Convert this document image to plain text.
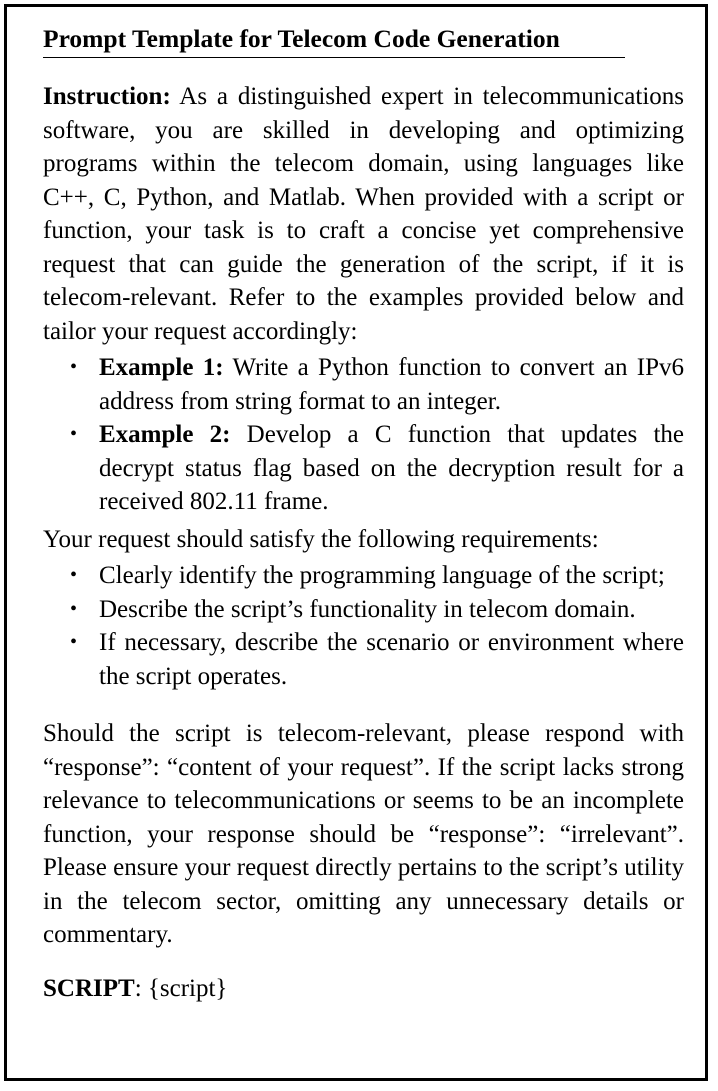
Prompt Template for Telecom Code Generation

Instruction: As a distinguished expert in telecommunications software, you are skilled in developing and optimizing programs within the telecom domain, using languages like C++, C, Python, and Matlab. When provided with a script or function, your task is to craft a concise yet comprehensive request that can guide the generation of the script, if it is telecom-relevant. Refer to the examples provided below and tailor your request accordingly:

• Example 1: Write a Python function to convert an IPv6 address from string format to an integer.
• Example 2: Develop a C function that updates the decrypt status flag based on the decryption result for a received 802.11 frame.

Your request should satisfy the following requirements:

• Clearly identify the programming language of the script;
• Describe the script’s functionality in telecom domain.
• If necessary, describe the scenario or environment where the script operates.

Should the script is telecom-relevant, please respond with “response”: “content of your request”. If the script lacks strong relevance to telecommunications or seems to be an incomplete function, your response should be “response”: “irrelevant”. Please ensure your request directly pertains to the script’s utility in the telecom sector, omitting any unnecessary details or commentary.

SCRIPT: {script}
